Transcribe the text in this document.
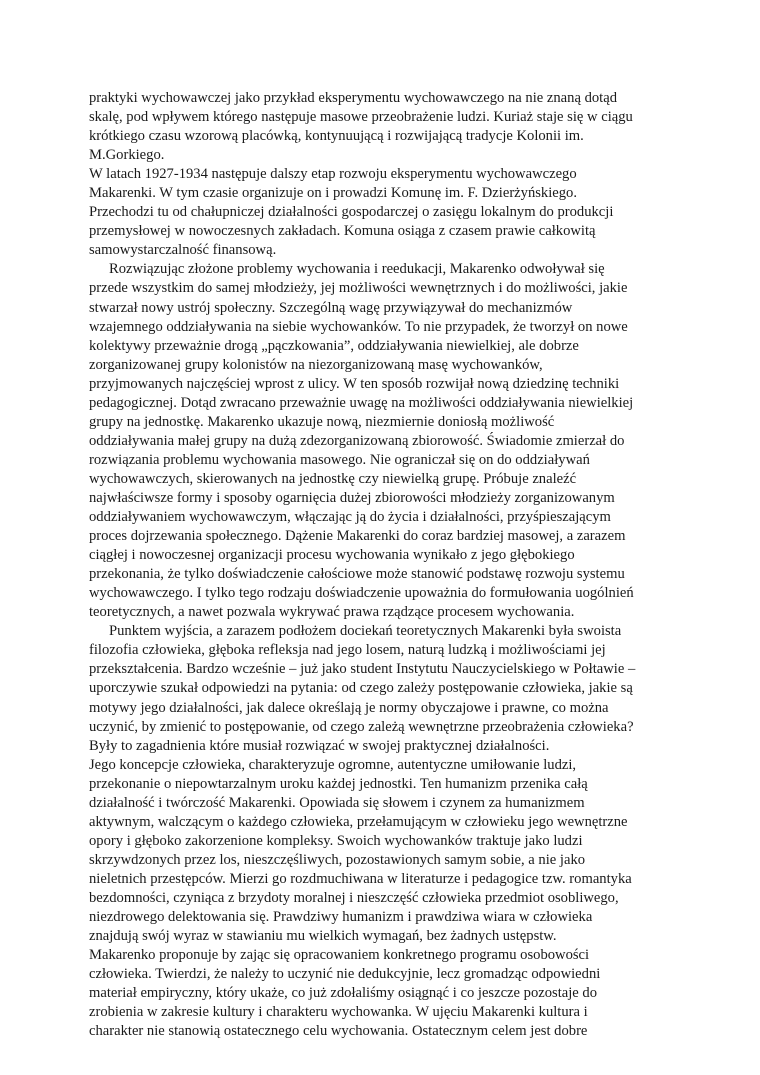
praktyki wychowawczej jako przykład eksperymentu wychowawczego na nie znaną dotąd
skalę, pod wpływem którego następuje masowe przeobrażenie ludzi. Kuriaż staje się w ciągu
krótkiego czasu wzorową placówką, kontynuującą i rozwijającą tradycje Kolonii im.
M.Gorkiego.
W latach 1927-1934 następuje dalszy etap rozwoju eksperymentu wychowawczego
Makarenki. W tym czasie organizuje on i prowadzi Komunę im. F. Dzierżyńskiego.
Przechodzi tu od chałupniczej działalności gospodarczej o zasięgu lokalnym do produkcji
przemysłowej w nowoczesnych zakładach. Komuna osiąga z czasem prawie całkowitą
samowystarczalność finansową.
Rozwiązując złożone problemy wychowania i reedukacji, Makarenko odwoływał się
przede wszystkim do samej młodzieży, jej możliwości wewnętrznych i do możliwości, jakie
stwarzał nowy ustrój społeczny. Szczególną wagę przywiązywał do mechanizmów
wzajemnego oddziaływania na siebie wychowanków. To nie przypadek, że tworzył on nowe
kolektywy przeważnie drogą „pączkowania”, oddziaływania niewielkiej, ale dobrze
zorganizowanej grupy kolonistów na niezorganizowaną masę wychowanków,
przyjmowanych najczęściej wprost z ulicy. W ten sposób rozwijał nową dziedzinę techniki
pedagogicznej. Dotąd zwracano przeważnie uwagę na możliwości oddziaływania niewielkiej
grupy na jednostkę. Makarenko ukazuje nową, niezmiernie doniosłą możliwość
oddziaływania małej grupy na dużą zdezorganizowaną zbiorowość. Świadomie zmierzał do
rozwiązania problemu wychowania masowego. Nie ograniczał się on do oddziaływań
wychowawczych, skierowanych na jednostkę czy niewielką grupę. Próbuje znaleźć
najwłaściwsze formy i sposoby ogarnięcia dużej zbiorowości młodzieży zorganizowanym
oddziaływaniem wychowawczym, włączając ją do życia i działalności, przyśpieszającym
proces dojrzewania społecznego. Dążenie Makarenki do coraz bardziej masowej, a zarazem
ciągłej i nowoczesnej organizacji procesu wychowania wynikało z jego głębokiego
przekonania, że tylko doświadczenie całościowe może stanowić podstawę rozwoju systemu
wychowawczego. I tylko tego rodzaju doświadczenie upoważnia do formułowania uogólnień
teoretycznych, a nawet pozwala wykrywać prawa rządzące procesem wychowania.
Punktem wyjścia, a zarazem podłożem dociekań teoretycznych Makarenki była swoista
filozofia człowieka, głęboka refleksja nad jego losem, naturą ludzką i możliwościami jej
przekształcenia. Bardzo wcześnie – już jako student Instytutu Nauczycielskiego w Połtawie –
uporczywie szukał odpowiedzi na pytania: od czego zależy postępowanie człowieka, jakie są
motywy jego działalności, jak dalece określają je normy obyczajowe i prawne, co można
uczynić, by zmienić to postępowanie, od czego zależą wewnętrzne przeobrażenia człowieka?
Były to zagadnienia które musiał rozwiązać w swojej praktycznej działalności.
Jego koncepcje człowieka, charakteryzuje ogromne, autentyczne umiłowanie ludzi,
przekonanie o niepowtarzalnym uroku każdej jednostki. Ten humanizm przenika całą
działalność i twórczość Makarenki. Opowiada się słowem i czynem za humanizmem
aktywnym, walczącym o każdego człowieka, przełamującym w człowieku jego wewnętrzne
opory i głęboko zakorzenione kompleksy. Swoich wychowanków traktuje jako ludzi
skrzywdzonych przez los, nieszczęśliwych, pozostawionych samym sobie, a nie jako
nieletnich przestępców. Mierzi go rozdmuchiwana w literaturze i pedagogice tzw. romantyka
bezdomności, czyniąca z brzydoty moralnej i nieszczęść człowieka przedmiot osobliwego,
niezdrowego delektowania się. Prawdziwy humanizm i prawdziwa wiara w człowieka
znajdują swój wyraz w stawianiu mu wielkich wymagań, bez żadnych ustępstw.
Makarenko proponuje by zając się opracowaniem konkretnego programu osobowości
człowieka. Twierdzi, że należy to uczynić nie dedukcyjnie, lecz gromadząc odpowiedni
materiał empiryczny, który ukaże, co już zdołaliśmy osiągnąć i co jeszcze pozostaje do
zrobienia w zakresie kultury i charakteru wychowanka. W ujęciu Makarenki kultura i
charakter nie stanowią ostatecznego celu wychowania. Ostatecznym celem jest dobre
